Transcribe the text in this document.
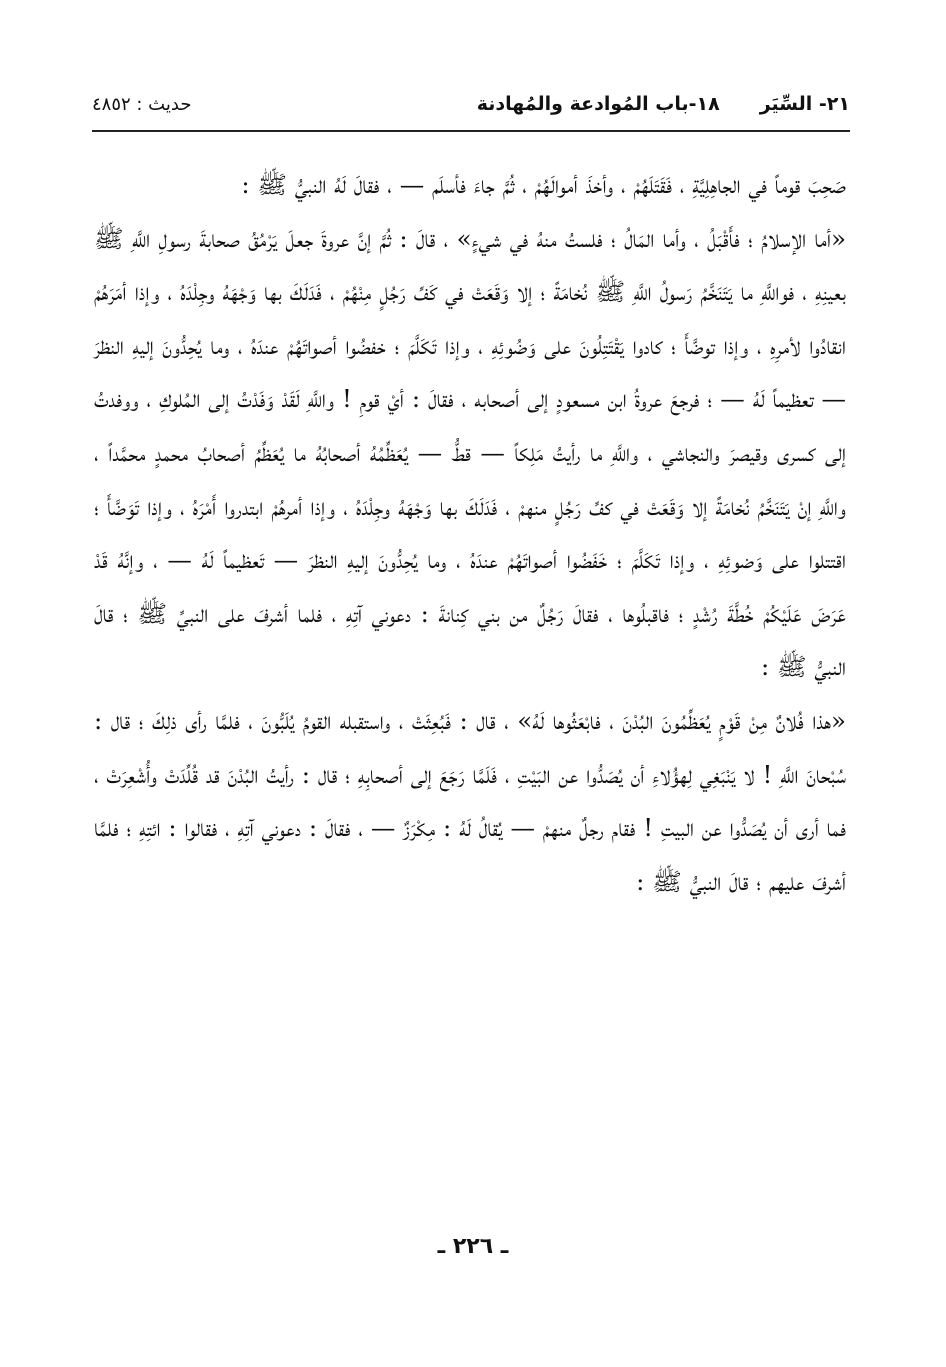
٢١- السِّيَر
١٨-باب المُوادعة والمُهادنة
حديث : ٤٨٥٢

صَحِبَ قوماً في الجاهِلِيَّةِ ، فَقَتَلَهُمْ ، وأخذَ أموالَهُمْ ، ثُمَّ جاءَ فأسلَم — ، فقالَ لَهُ النبيُّ ﷺ :

«أما الإسلامُ ؛ فأَقْبَلُ ، وأما المَالُ ؛ فلستُ منهُ في شيءٍ» ، قالَ : ثُمَّ إنَّ عروةَ جعلَ يَرْمُقُ صحابةَ رسولِ اللَّهِ ﷺ بعينِهِ ، فواللَّهِ ما يَتَنَخَّمُ رَسولُ اللَّهِ ﷺ نُخامَةً ؛ إلا وَقَعَتْ في كَفِّ رَجُلٍ مِنْهُمْ ، فَدَلَكَ بها وَجْهَهُ وجِلْدَهُ ، وإذا أمَرَهُمْ انقادُوا لأمرِهِ ، وإذا توضَّأَ ؛ كادوا يَقْتَتِلُونَ على وَضُوئِهِ ، وإذا تَكَلَّمَ ؛ خفضُوا أصواتَهُمْ عندَهُ ، وما يُحِدُّونَ إليهِ النظرَ — تعظيماً لَهُ — ؛ فرجعَ عروةُ ابن مسعودٍ إلى أصحابه ، فقالَ : أيْ قومِ ! واللَّهِ لَقَدْ وَفَدْتُ إلى المُلوكِ ، ووفدتُ إلى كسرى وقيصرَ والنجاشي ، واللَّهِ ما رأيتُ مَلِكاً — قطُّ — يُعَظِّمُهُ أصحابُهُ ما يُعَظِّمُ أصحابُ محمدٍ محمَّداً ، واللَّهِ إنْ يَتَنَخَّمُ نُخامَةً إلا وَقَعَتْ في كفِّ رَجُلٍ منهمْ ، فَدَلَكَ بها وَجْهَهُ وجِلْدَهُ ، وإذا أمرهُمْ ابتدروا أَمْرَهُ ، وإذا تَوَضَّأَ ؛ اقتتلوا على وَضوئِهِ ، وإذا تَكَلَّمَ ؛ خَفَضُوا أصواتَهُمْ عندَهُ ، وما يُحِدُّونَ إليهِ النظرَ — تَعظيماً لَهُ — ، وإنَّهُ قَدْ عَرَضَ عَلَيْكُمْ خُطَّةَ رُشْدٍ ؛ فاقبلُوها ، فقالَ رَجُلٌ من بني كِنانةَ : دعوني آتِهِ ، فلما أشرفَ على النبيِّ ﷺ ؛ قالَ النبيُّ ﷺ :

«هذا فُلانٌ مِنْ قَوْمٍ يُعَظِّمُونَ البُدْنَ ، فابْعَثُوها لَهُ» ، قال : فَبُعِثَتْ ، واستقبله القومُ يُلَبُّونَ ، فلمَّا رأى ذلِكَ ؛ قال : سُبْحانَ اللَّهِ ! لا يَنْبَغِي لِهؤُلاءِ أن يُصَدُّوا عن البَيْتِ ، فَلَمَّا رَجَعَ إلى أصحابِهِ ؛ قال : رأيتُ البُدْنَ قد قُلِّدَتْ وأُشْعِرَتْ ، فما أرى أن يُصَدُّوا عن البيتِ ! فقام رجلٌ منهمْ — يُقالُ لَهُ : مِكْرَزٌ — ، فقالَ : دعوني آتِهِ ، فقالوا : ائتِهِ ؛ فلمَّا أشرفَ عليهم ؛ قالَ النبيُّ ﷺ :

ـ ٢٢٦ ـ
